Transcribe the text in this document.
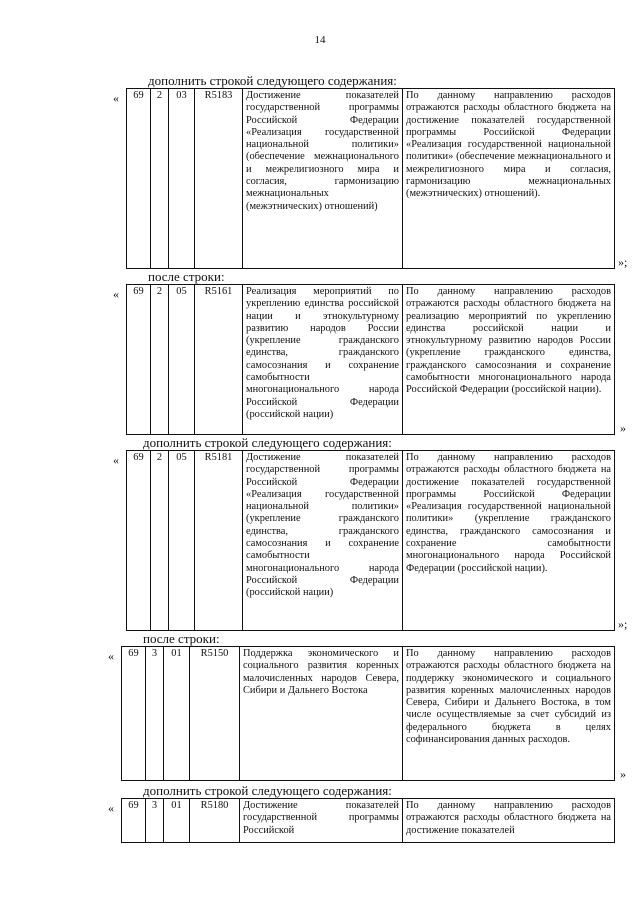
14
дополнить строкой следующего содержания:
« 69	2	03	R5183	Достижение показателей государственной программы Российской Федерации «Реализация государственной национальной политики» (обеспечение межнационального и межрелигиозного мира и согласия, гармонизацию межнациональных (межэтнических) отношений)	По данному направлению расходов отражаются расходы областного бюджета на достижение показателей государственной программы Российской Федерации «Реализация государственной национальной политики» (обеспечение межнационального и межрелигиозного мира и согласия, гармонизацию межнациональных (межэтнических) отношений).
»;
после строки:
« 69	2	05	R5161	Реализация мероприятий по укреплению единства российской нации и этнокультурному развитию народов России (укрепление гражданского единства, гражданского самосознания и сохранение самобытности многонационального народа Российской Федерации (российской нации)	По данному направлению расходов отражаются расходы областного бюджета на реализацию мероприятий по укреплению единства российской нации и этнокультурному развитию народов России (укрепление гражданского единства, гражданского самосознания и сохранение самобытности многонационального народа Российской Федерации (российской нации).
»
дополнить строкой следующего содержания:
« 69	2	05	R5181	Достижение показателей государственной программы Российской Федерации «Реализация государственной национальной политики» (укрепление гражданского единства, гражданского самосознания и сохранение самобытности многонационального народа Российской Федерации (российской нации)	По данному направлению расходов отражаются расходы областного бюджета на достижение показателей государственной программы Российской Федерации «Реализация государственной национальной политики» (укрепление гражданского единства, гражданского самосознания и сохранение самобытности многонационального народа Российской Федерации (российской нации).
»;
после строки:
« 69	3	01	R5150	Поддержка экономического и социального развития коренных малочисленных народов Севера, Сибири и Дальнего Востока	По данному направлению расходов отражаются расходы областного бюджета на поддержку экономического и социального развития коренных малочисленных народов Севера, Сибири и Дальнего Востока, в том числе осуществляемые за счет субсидий из федерального бюджета в целях софинансирования данных расходов.
»
дополнить строкой следующего содержания:
« 69	3	01	R5180	Достижение показателей государственной программы Российской	По данному направлению расходов отражаются расходы областного бюджета на достижение показателей
